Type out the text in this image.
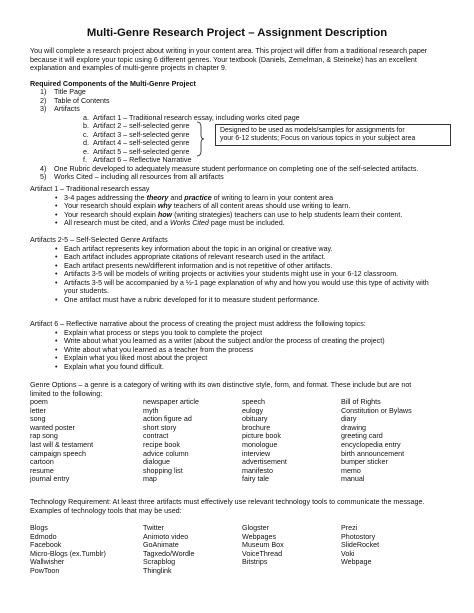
Multi-Genre Research Project – Assignment Description
You will complete a research project about writing in your content area. This project will differ from a traditional research paper
because it will explore your topic using 6 different genres. Your textbook (Daniels, Zemelman, & Steineke) has an excellent
explanation and examples of multi-genre projects in chapter 9.
Required Components of the Multi-Genre Project
1) Title Page
2) Table of Contents
3) Artifacts
a. Artifact 1 – Traditional research essay, including works cited page
b. Artifact 2 – self-selected genre
c. Artifact 3 – self-selected genre
d. Artifact 4 – self-selected genre
e. Artifact 5 – self-selected genre
f. Artifact 6 – Reflective Narrative
Designed to be used as models/samples for assignments for
your 6-12 students; Focus on various topics in your subject area
4) One Rubric developed to adequately measure student performance on completing one of the self-selected artifacts.
5) Works Cited – including all resources from all artifacts
Artifact 1 – Traditional research essay
• 3-4 pages addressing the theory and practice of writing to learn in your content area
• Your research should explain why teachers of all content areas should use writing to learn.
• Your research should explain how (writing strategies) teachers can use to help students learn their content.
• All research must be cited, and a Works Cited page must be included.
Artifacts 2-5 – Self-Selected Genre Artifacts
• Each artifact represents key information about the topic in an original or creative way.
• Each artifact includes appropriate citations of relevant research used in the artifact.
• Each artifact presents new/different information and is not repetitive of other artifacts.
• Artifacts 3-5 will be models of writing projects or activities your students might use in your 6-12 classroom.
• Artifacts 3-5 will be accompanied by a ½-1 page explanation of why and how you would use this type of activity with
your students.
• One artifact must have a rubric developed for it to measure student performance.
Artifact 6 – Reflective narrative about the process of creating the project must address the following topics:
• Explain what process or steps you took to complete the project
• Write about what you learned as a writer (about the subject and/or the process of creating the project)
• Write about what you learned as a teacher from the process
• Explain what you liked most about the project
• Explain what you found difficult.
Genre Options – a genre is a category of writing with its own distinctive style, form, and format. These include but are not
limited to the following:
poem
letter
song
wanted poster
rap song
last will & testament
campaign speech
cartoon
resume
journal entry
newspaper article
myth
action figure ad
short story
contract
recipe book
advice column
dialogue
shopping list
map
speech
eulogy
obituary
brochure
picture book
monologue
interview
advertisement
manifesto
fairy tale
Bill of Rights
Constitution or Bylaws
diary
drawing
greeting card
encyclopedia entry
birth announcement
bumper sticker
memo
manual
Technology Requirement: At least three artifacts must effectively use relevant technology tools to communicate the message.
Examples of technology tools that may be used:
Blogs
Edmodo
Facebook
Micro-Blogs (ex.Tumblr)
Wallwisher
PowToon
Twitter
Animoto video
GoAnimate
Tagxedo/Wordle
Scrapblog
Thinglink
Glogster
Webpages
Museum Box
VoiceThread
Bitstrips
Prezi
Photostory
SlideRocket
Voki
Webpage
